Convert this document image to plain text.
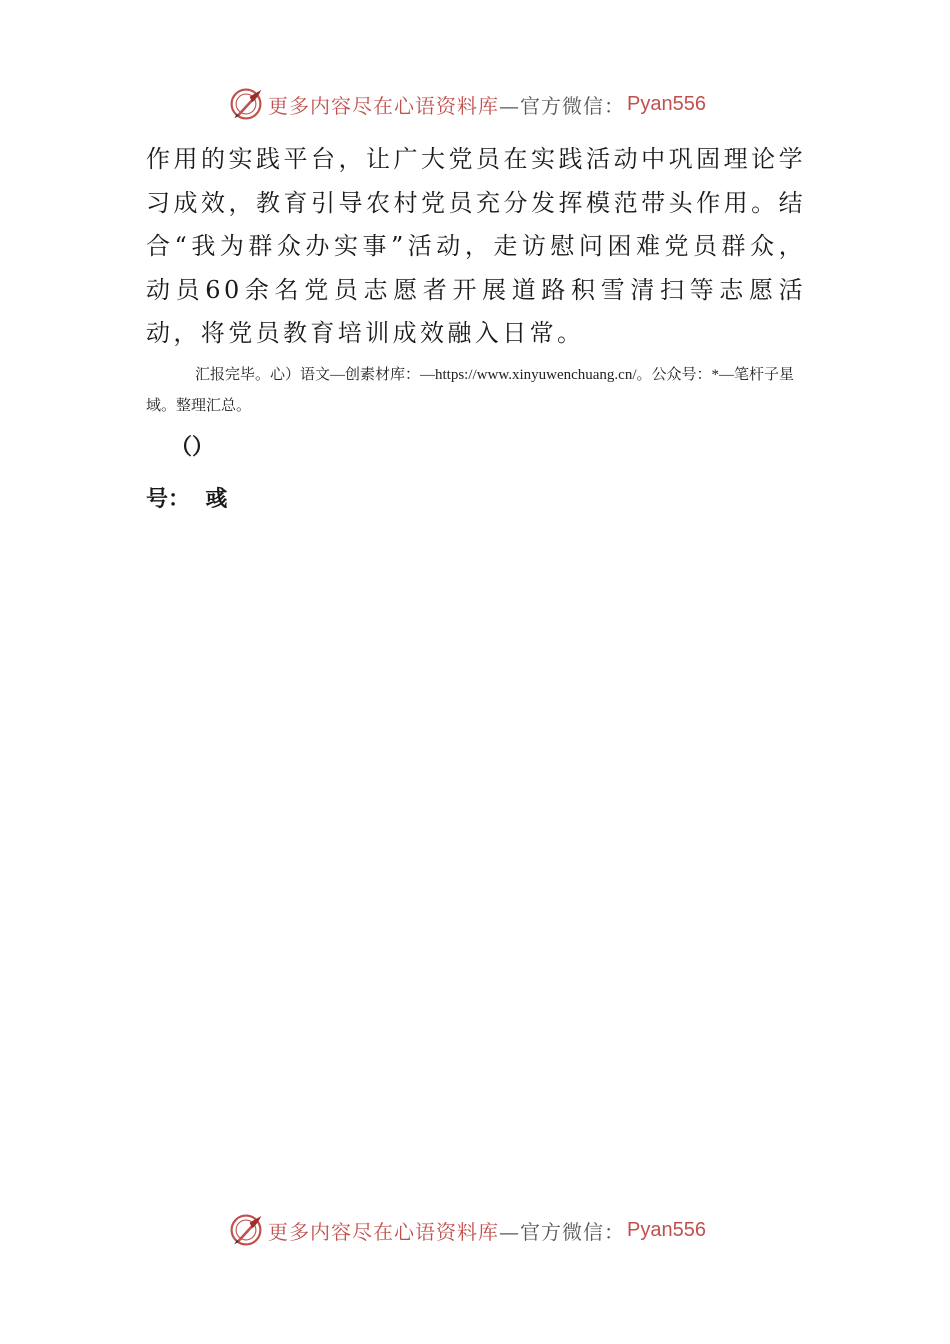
更多内容尽在心语资料库 —官方微信： Pyan556

作用的实践平台，让广大党员在实践活动中巩固理论学习成效，教育引导农村党员充分发挥模范带头作用。结合“我为群众办实事”活动，走访慰问困难党员群众，动员60余名党员志愿者开展道路积雪清扫等志愿活动，将党员教育培训成效融入日常。

汇报完毕。心）语文—创素材库：—https://www.xinyuwenchuang.cn/。公众号：*—笔杆子星域。整理汇总。

（）
号：  彧
更多内容尽在心语资料库 —官方微信： Pyan556
